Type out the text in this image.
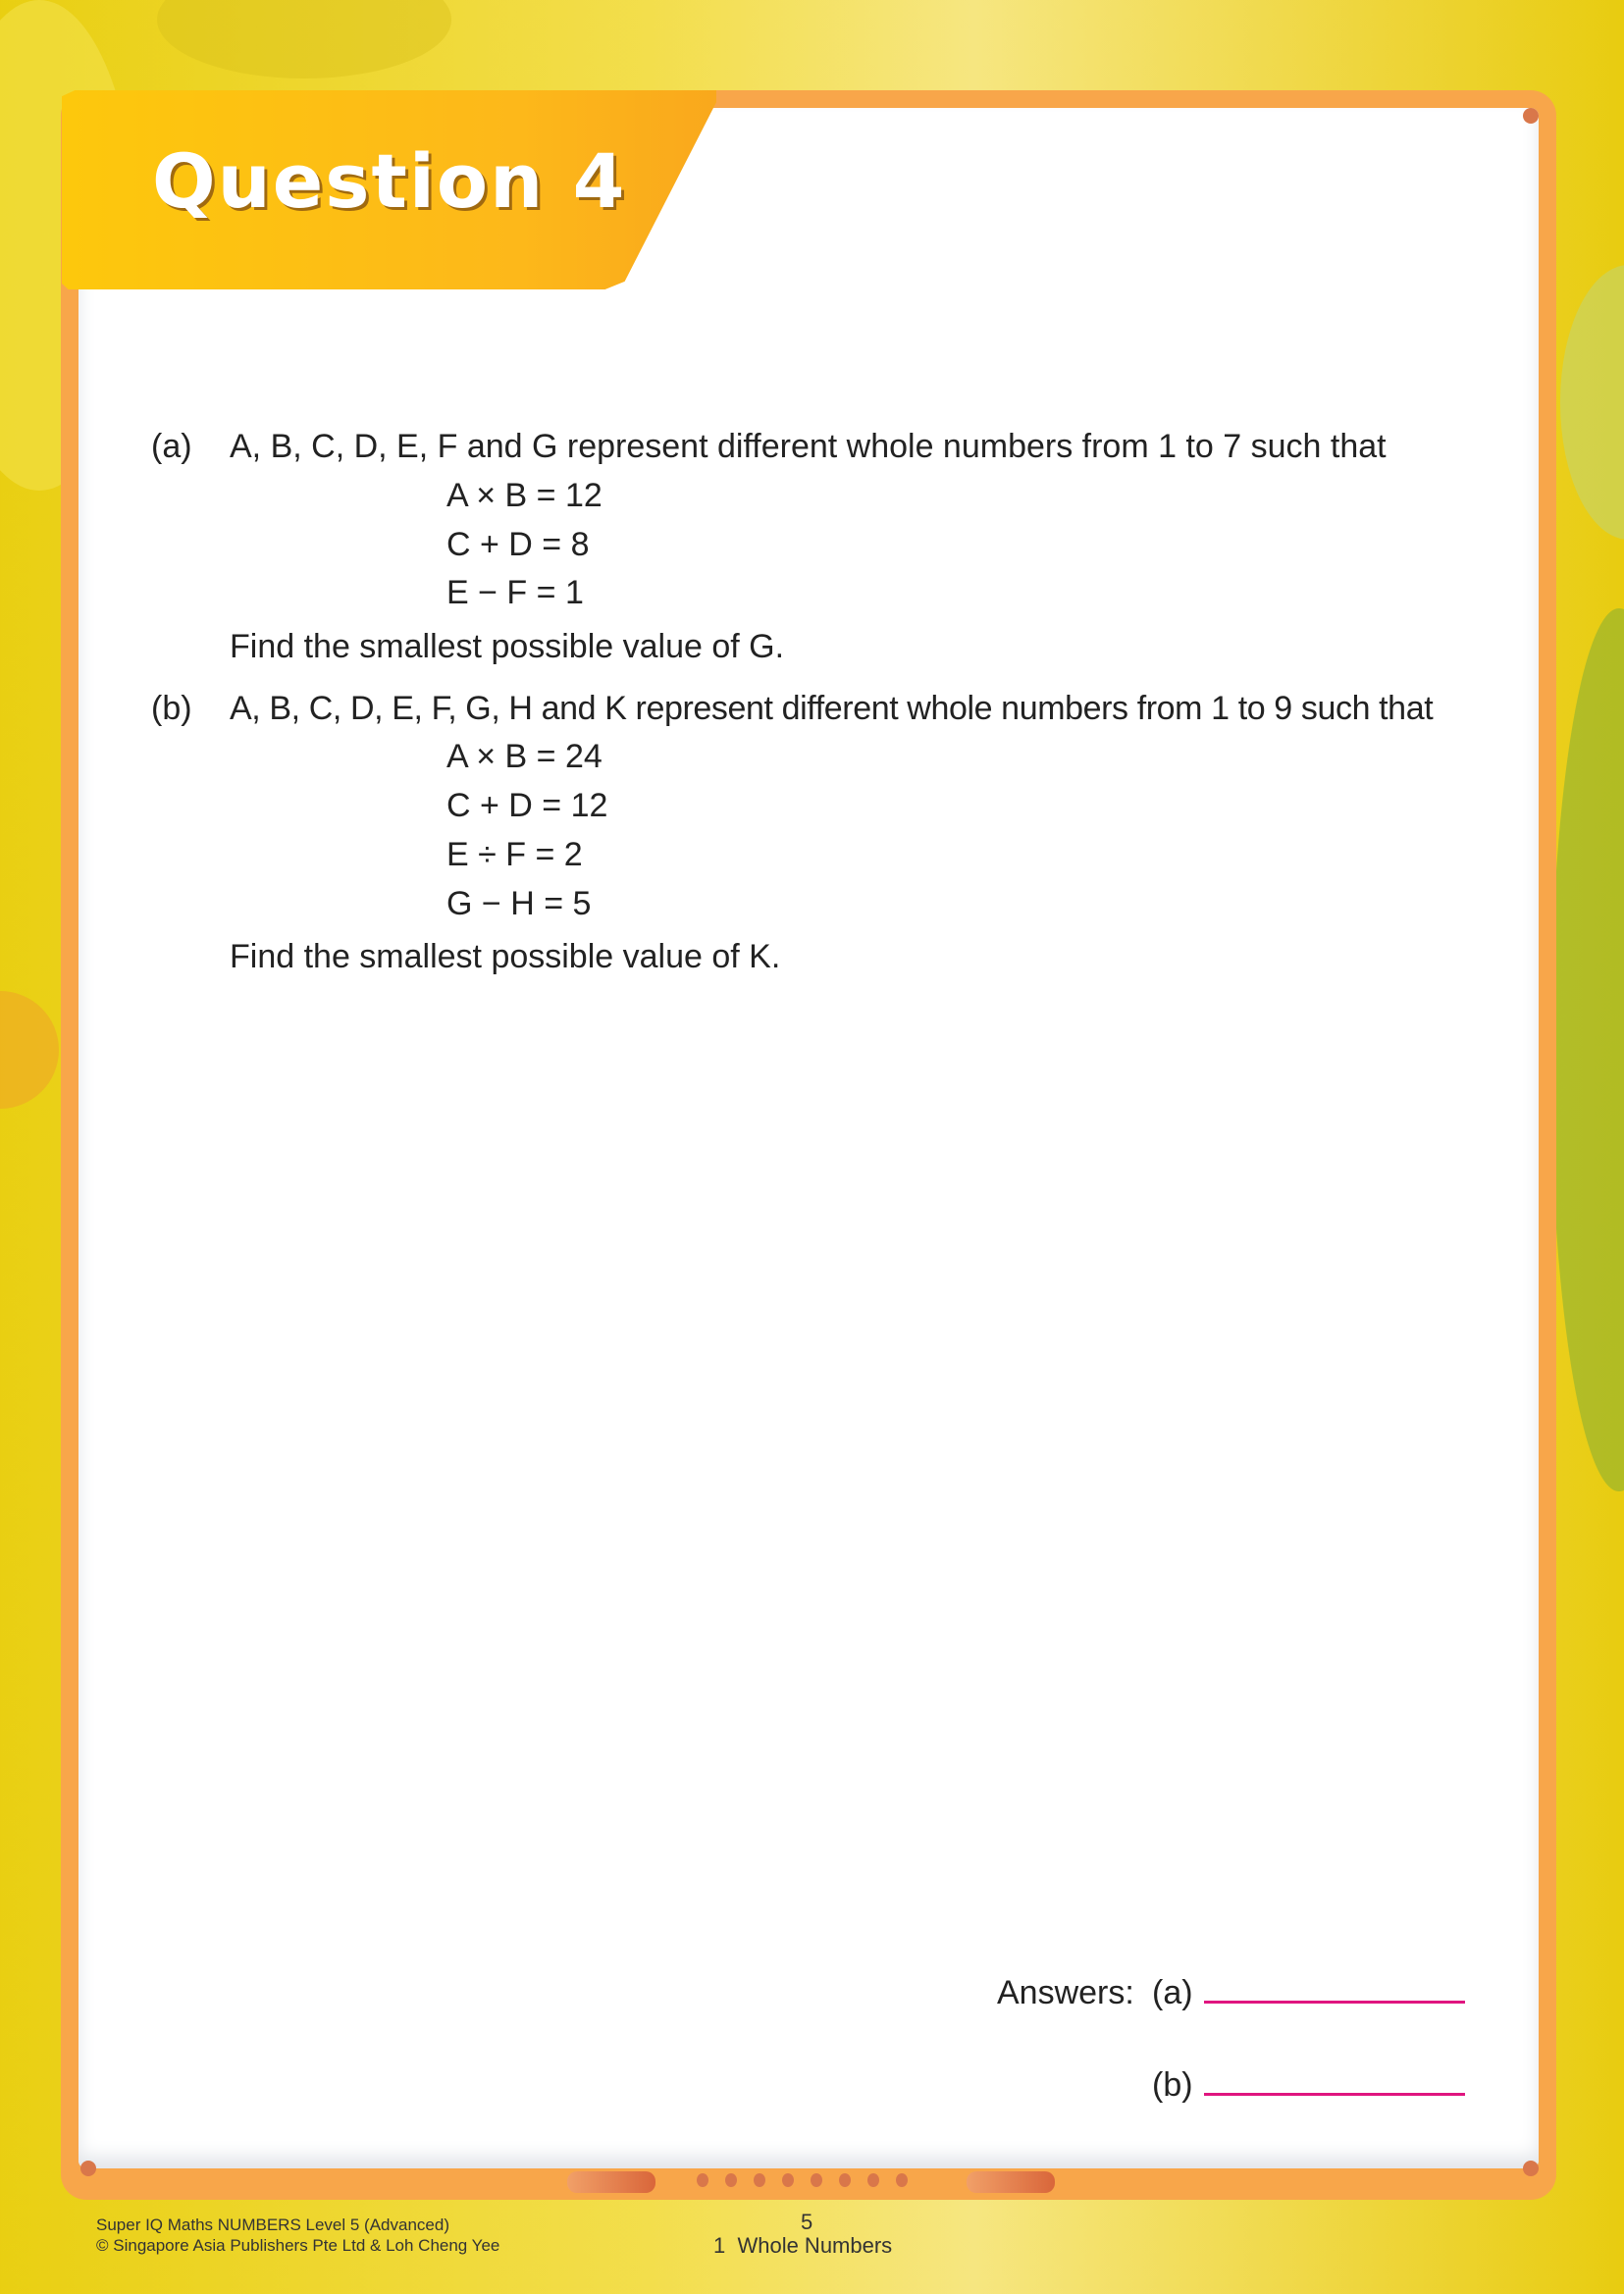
Question 4
(a) A, B, C, D, E, F and G represent different whole numbers from 1 to 7 such that
A × B = 12
C + D = 8
E − F = 1
Find the smallest possible value of G.
(b) A, B, C, D, E, F, G, H and K represent different whole numbers from 1 to 9 such that
A × B = 24
C + D = 12
E ÷ F = 2
G − H = 5
Find the smallest possible value of K.
Answers: (a)
(b)
Super IQ Maths NUMBERS Level 5 (Advanced)
© Singapore Asia Publishers Pte Ltd & Loh Cheng Yee
5
1  Whole Numbers
